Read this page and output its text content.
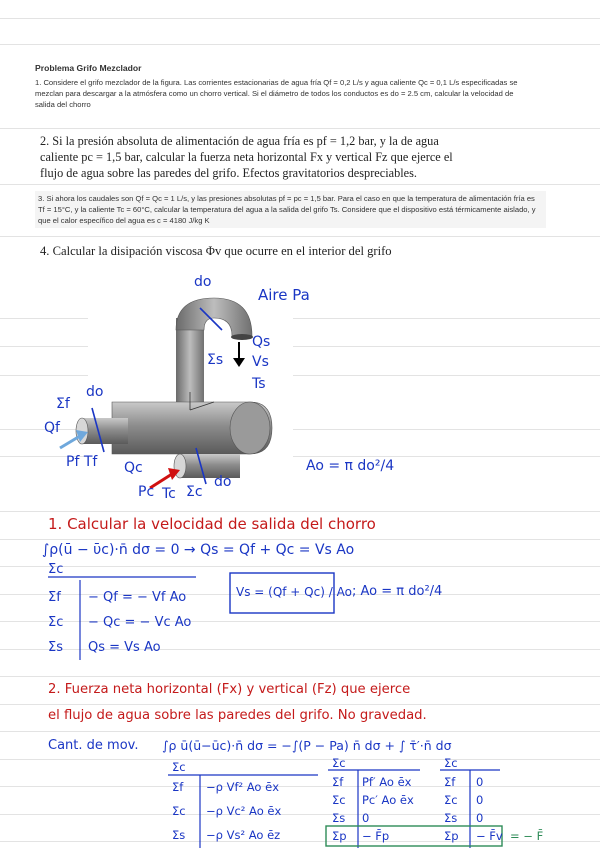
Problema Grifo Mezclador
1. Considere el grifo mezclador de la figura. Las corrientes estacionarias de agua fría Qf = 0,2 L/s y agua caliente Qc = 0,1 L/s especificadas se mezclan para descargar a la atmósfera como un chorro vertical. Si el diámetro de todos los conductos es do = 2.5 cm, calcular la velocidad de salida del chorro
2. Si la presión absoluta de alimentación de agua fría es pf = 1,2 bar, y la de agua caliente pc = 1,5 bar, calcular la fuerza neta horizontal Fx y vertical Fz que ejerce el flujo de agua sobre las paredes del grifo. Efectos gravitatorios despreciables.
3. Si ahora los caudales son Qf = Qc = 1 L/s, y las presiones absolutas pf = pc = 1,5 bar. Para el caso en que la temperatura de alimentación fría es Tf = 15°C, y la caliente Tc = 60°C, calcular la temperatura del agua a la salida del grifo Ts. Considere que el dispositivo está térmicamente aislado, y que el calor específico del agua es c = 4180 J/kg K
4. Calcular la disipación viscosa Φv que ocurre en el interior del grifo
do
Aire Pa
Qs
Vs
Ts
Σs
Σf
do
Qf
Pf Tf Qc
Pc Tc Σc
do
Ao = π do²/4
1. Calcular la velocidad de salida del chorro
∫ρ(ū − ῡc)·n̄ dσ = 0 → Qs = Qf + Qc = Vs Ao
Σc
Σf − Qf = − Vf Ao
Σc − Qc = − Vc Ao
Σs Qs = Vs Ao
Vs = (Qf + Qc) / Ao ; Ao = π do²/4
2. Fuerza neta horizontal (Fx) y vertical (Fz) que ejerce
el flujo de agua sobre las paredes del grifo. No gravedad.
Cant. de mov. ∫ρ ū(ū−ūc)·n̄ dσ = −∫(P − Pa) n̄ dσ + ∫ τ̄′·n̄ dσ
Σc
Σf
Σc
Σs
−ρ Vf² Ao ēx
−ρ Vc² Ao ēx
−ρ Vs² Ao ēz
Σc
Σf
Σc
Σs
Σp
Pf′ Ao ēx
Pc′ Ao ēx
0
− F̄p
Σc
Σf
Σc
Σs
Σp
0
0
0
− F̄v = − F̄
